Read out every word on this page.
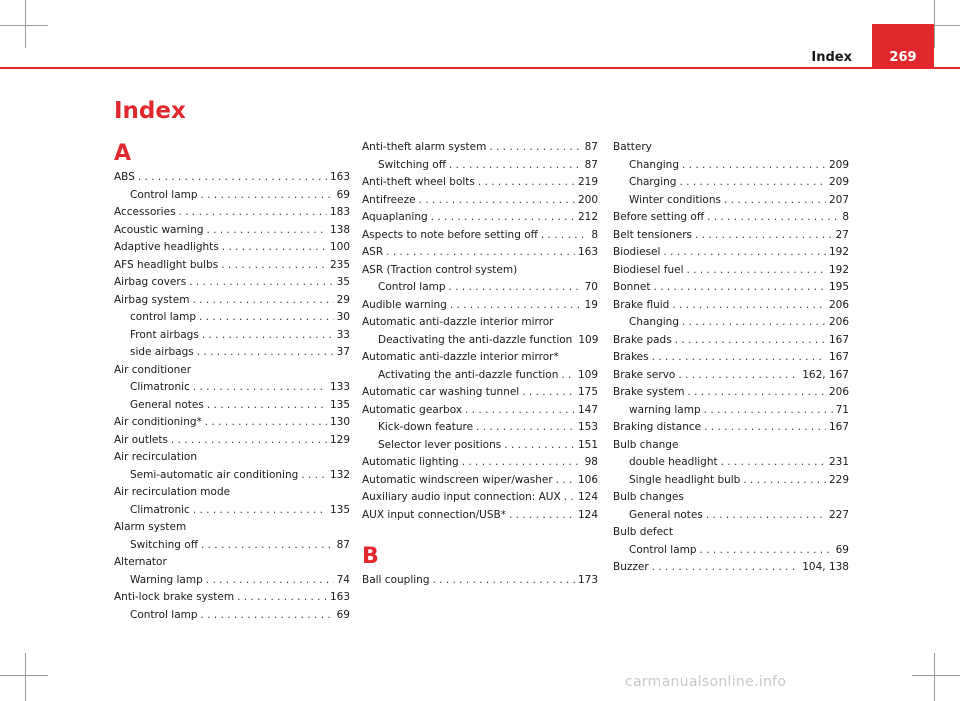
Index	269
Index
A
ABS . . .	163
Control lamp . . .	69
Accessories . . .	183
Acoustic warning . . .	138
Adaptive headlights . . .	100
AFS headlight bulbs . . .	235
Airbag covers . . .	35
Airbag system . . .	29
control lamp . . .	30
Front airbags . . .	33
side airbags . . .	37
Air conditioner
Climatronic . . .	133
General notes . . .	135
Air conditioning* . . .	130
Air outlets . . .	129
Air recirculation
Semi-automatic air conditioning . . .	132
Air recirculation mode
Climatronic . . .	135
Alarm system
Switching off . . .	87
Alternator
Warning lamp . . .	74
Anti-lock brake system . . .	163
Control lamp . . .	69
Anti-theft alarm system . . .	87
Switching off . . .	87
Anti-theft wheel bolts . . .	219
Antifreeze . . .	200
Aquaplaning . . .	212
Aspects to note before setting off . . .	8
ASR . . .	163
ASR (Traction control system)
Control lamp . . .	70
Audible warning . . .	19
Automatic anti-dazzle interior mirror
Deactivating the anti-dazzle function 109
Automatic anti-dazzle interior mirror*
Activating the anti-dazzle function . . . 109
Automatic car washing tunnel . . .	175
Automatic gearbox . . .	147
Kick-down feature . . .	153
Selector lever positions . . .	151
Automatic lighting . . .	98
Automatic windscreen wiper/washer . . . 106
Auxiliary audio input connection: AUX . . . 124
AUX input connection/USB* . . .	124
B
Ball coupling . . .	173
Battery
Changing . . .	209
Charging . . .	209
Winter conditions . . .	207
Before setting off . . .	8
Belt tensioners . . .	27
Biodiesel . . .	192
Biodiesel fuel . . .	192
Bonnet . . .	195
Brake fluid . . .	206
Changing . . .	206
Brake pads . . .	167
Brakes . . .	167
Brake servo . . .	162, 167
Brake system . . .	206
warning lamp . . .	71
Braking distance . . .	167
Bulb change
double headlight . . .	231
Single headlight bulb . . .	229
Bulb changes
General notes . . .	227
Bulb defect
Control lamp . . .	69
Buzzer . . .	104, 138
carmanualsonline.info
